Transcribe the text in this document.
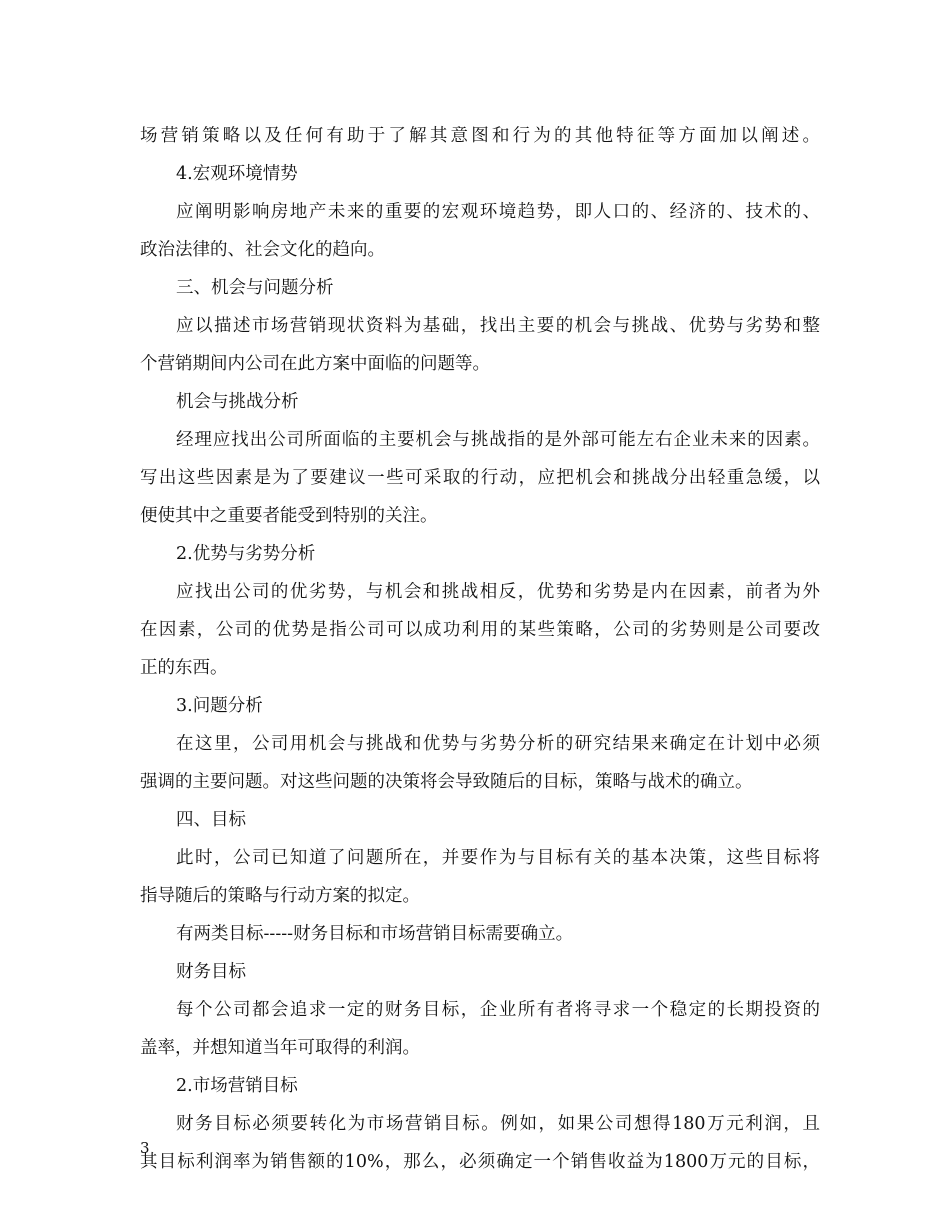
场营销策略以及任何有助于了解其意图和行为的其他特征等方面加以阐述。
4.宏观环境情势
应阐明影响房地产未来的重要的宏观环境趋势，即人口的、经济的、技术的、
政治法律的、社会文化的趋向。
三、机会与问题分析
应以描述市场营销现状资料为基础，找出主要的机会与挑战、优势与劣势和整
个营销期间内公司在此方案中面临的问题等。
机会与挑战分析
经理应找出公司所面临的主要机会与挑战指的是外部可能左右企业未来的因素。
写出这些因素是为了要建议一些可采取的行动，应把机会和挑战分出轻重急缓，以
便使其中之重要者能受到特别的关注。
2.优势与劣势分析
应找出公司的优劣势，与机会和挑战相反，优势和劣势是内在因素，前者为外
在因素，公司的优势是指公司可以成功利用的某些策略，公司的劣势则是公司要改
正的东西。
3.问题分析
在这里，公司用机会与挑战和优势与劣势分析的研究结果来确定在计划中必须
强调的主要问题。对这些问题的决策将会导致随后的目标，策略与战术的确立。
四、目标
此时，公司已知道了问题所在，并要作为与目标有关的基本决策，这些目标将
指导随后的策略与行动方案的拟定。
有两类目标-----财务目标和市场营销目标需要确立。
财务目标
每个公司都会追求一定的财务目标，企业所有者将寻求一个稳定的长期投资的
盖率，并想知道当年可取得的利润。
2.市场营销目标
财务目标必须要转化为市场营销目标。例如，如果公司想得180万元利润，且
其目标利润率为销售额的10%，那么，必须确定一个销售收益为1800万元的目标，
3
